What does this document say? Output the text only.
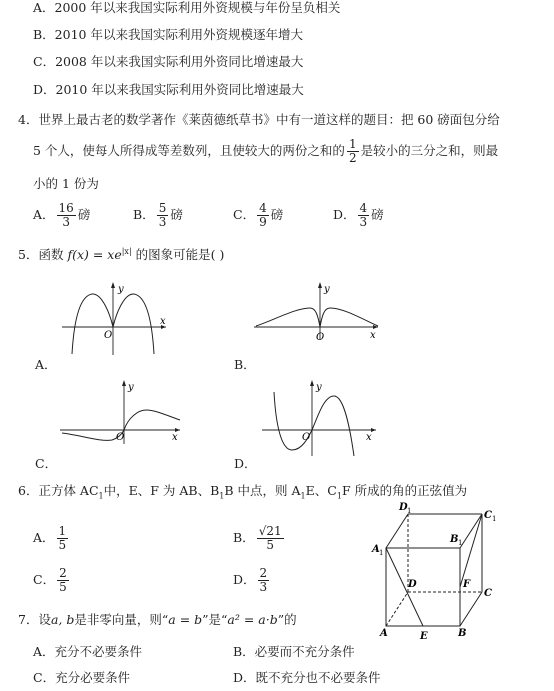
A．2000 年以来我国实际利用外资规模与年份呈负相关
B．2010 年以来我国实际利用外资规模逐年增大
C．2008 年以来我国实际利用外资同比增速最大
D．2010 年以来我国实际利用外资同比增速最大
4．世界上最古老的数学著作《莱茵德纸草书》中有一道这样的题目：把 60 磅面包分给
5 个人，使每人所得成等差数列，且使较大的两份之和的 $\frac{1}{2}$ 是较小的三分之和，则最
小的 1 份为
A． $\frac{16}{3}$ 磅	B． $\frac{5}{3}$ 磅	C． $\frac{4}{9}$ 磅	D． $\frac{4}{3}$ 磅
5．函数 $f(x) = xe^{|x|}$ 的图象可能是( )
y
x
O
A．
y
x
O
B．
y
x
O
C．
y
x
O
D．
6．正方体 $AC_1$中，E、F 为 AB、$B_1B$ 中点，则 $A_1E$、$C_1F$ 所成的角的正弦值为
A． $\frac{1}{5}$	B． $\frac{√21}{5}$
C． $\frac{2}{5}$	D． $\frac{2}{3}$
D 1	C 1
A 1
B 1
D	F
C
A	E	B
7．设a, b是非零向量，则“a = b”是“a² = a·b”的
A．充分不必要条件	B．必要而不充分条件
C．充分必要条件	D．既不充分也不必要条件
